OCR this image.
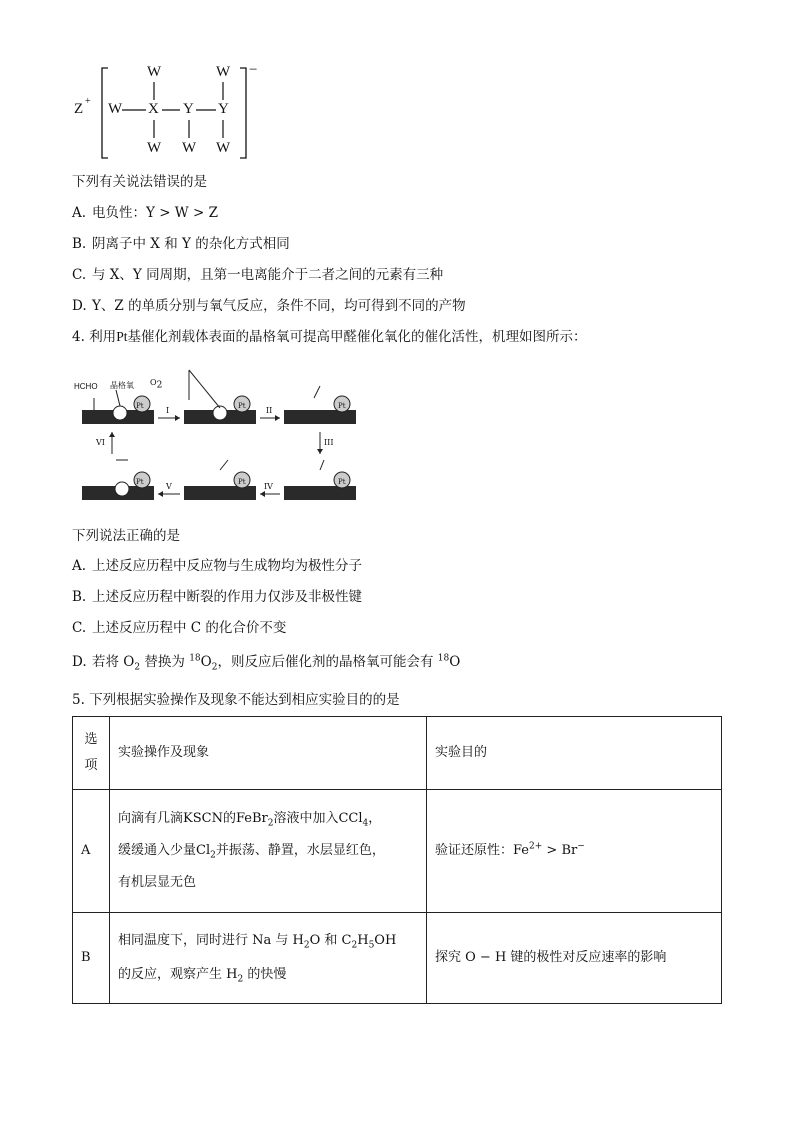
Z +
−
W	W
W X Y Y
W W W
下列有关说法错误的是
A. 电负性：Y > W > Z
B. 阴离子中 X 和 Y 的杂化方式相同
C. 与 X、Y 同周期，且第一电离能介于二者之间的元素有三种
D. Y、Z 的单质分别与氧气反应，条件不同，均可得到不同的产物
4. 利用Pt基催化剂载体表面的晶格氧可提高甲醛催化氧化的催化活性，机理如图所示：
HCHO 晶格氧 $O_2$
Pt	Pt	Pt
Pt
Pt
Pt
I	II
III
IV
V
VI
下列说法正确的是
A. 上述反应历程中反应物与生成物均为极性分子
B. 上述反应历程中断裂的作用力仅涉及非极性键
C. 上述反应历程中 C 的化合价不变
D. 若将 $O_2$ 替换为 $^{18}O_2$，则反应后催化剂的晶格氧可能会有 $^{18}$O
5. 下列根据实验操作及现象不能达到相应实验目的的是
选
项	实验操作及现象	实验目的
A	向滴有几滴KSCN的FeBr$_2$溶液中加入CCl$_4$，
缓缓通入少量$Cl_2$并振荡、静置，水层显红色，
有机层显无色	验证还原性：$Fe^{2+} > Br^-$
B	相同温度下，同时进行 Na 与 $H_2O$ 和 $C_2H_5OH$
的反应，观察产生 $H_2$ 的快慢	探究 O − H 键的极性对反应速率的影响
